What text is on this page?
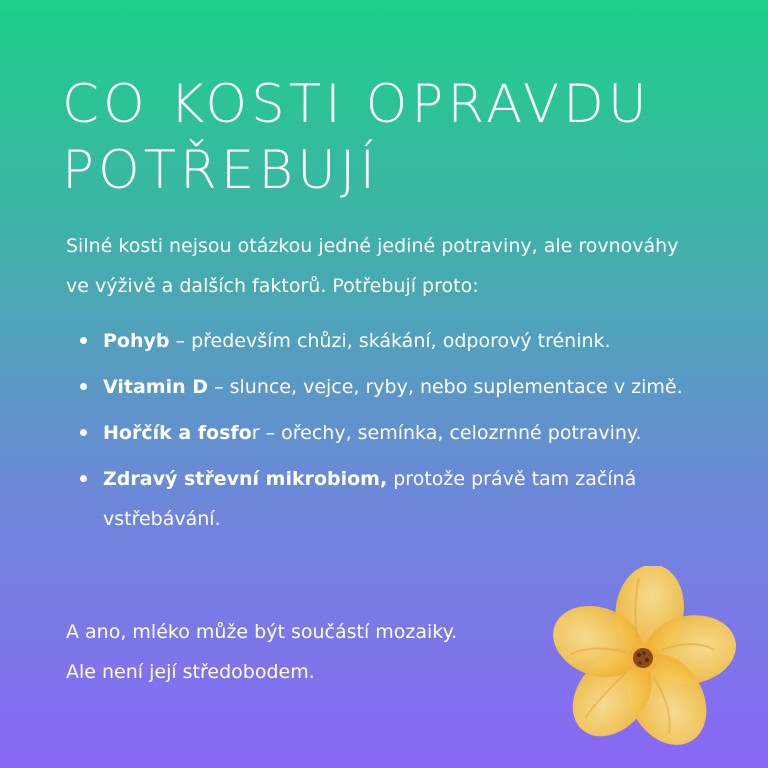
CO KOSTI OPRAVDU
POTŘEBUJÍ

Silné kosti nejsou otázkou jedné jediné potraviny, ale rovnováhy ve výživě a dalších faktorů. Potřebují proto:

Pohyb – především chůzi, skákání, odporový trénink.
Vitamin D – slunce, vejce, ryby, nebo suplementace v zimě.
Hořčík a fosfor – ořechy, semínka, celozrnné potraviny.
Zdravý střevní mikrobiom, protože právě tam začíná vstřebávání.

A ano, mléko může být součástí mozaiky.
Ale není její středobodem.
